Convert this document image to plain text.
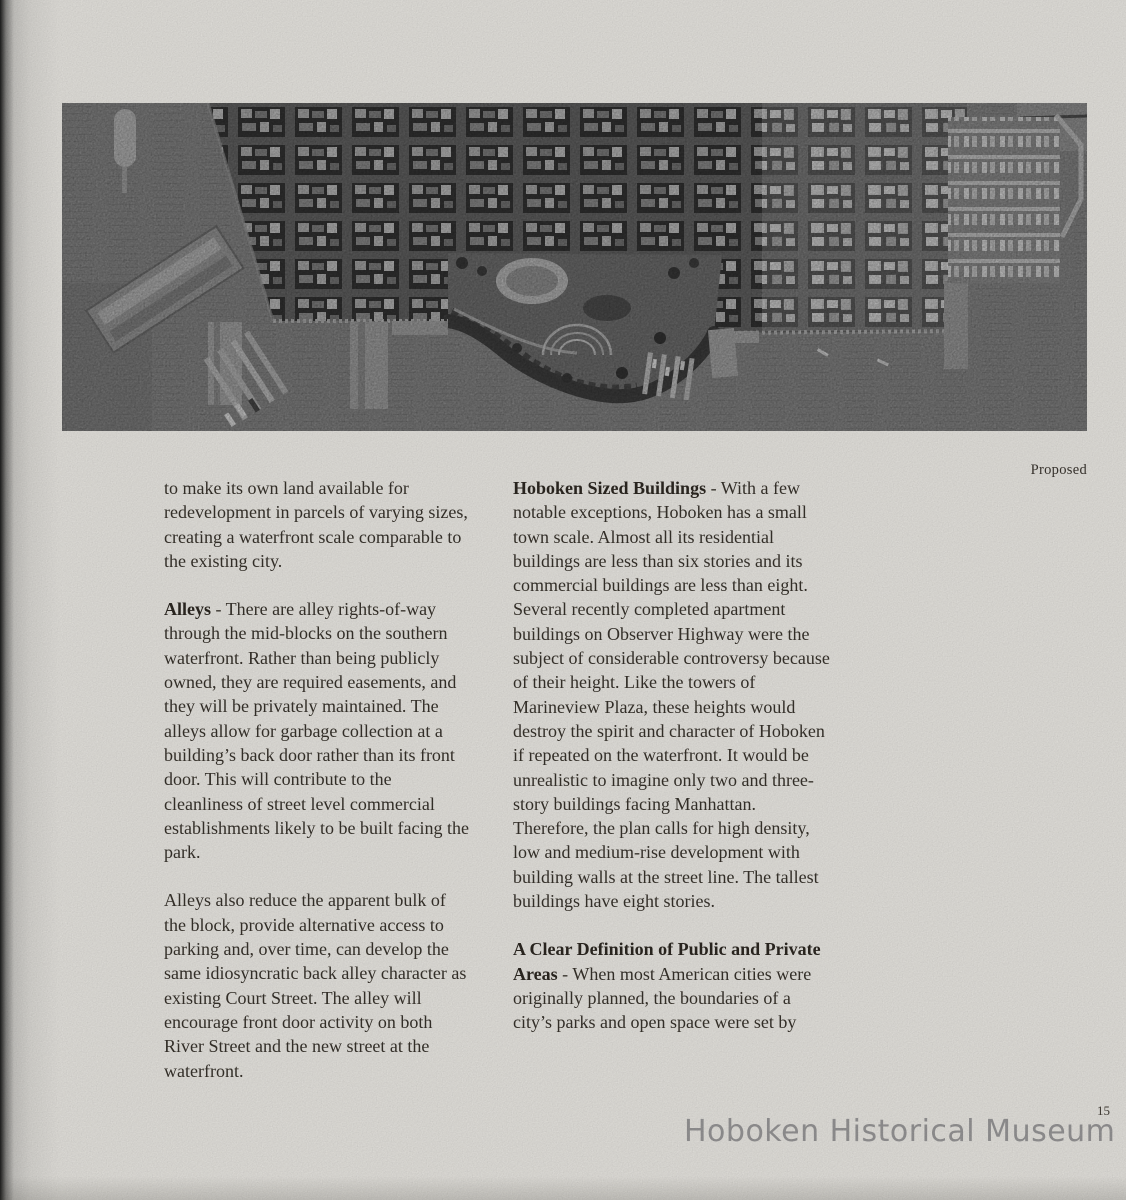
Proposed

to make its own land available for redevelopment in parcels of varying sizes, creating a waterfront scale comparable to the existing city.

Alleys - There are alley rights-of-way through the mid-blocks on the southern waterfront. Rather than being publicly owned, they are required easements, and they will be privately maintained. The alleys allow for garbage collection at a building’s back door rather than its front door. This will contribute to the cleanliness of street level commercial establishments likely to be built facing the park.

Alleys also reduce the apparent bulk of the block, provide alternative access to parking and, over time, can develop the same idiosyncratic back alley character as existing Court Street. The alley will encourage front door activity on both River Street and the new street at the waterfront.

Hoboken Sized Buildings - With a few notable exceptions, Hoboken has a small town scale. Almost all its residential buildings are less than six stories and its commercial buildings are less than eight. Several recently completed apartment buildings on Observer Highway were the subject of considerable controversy because of their height. Like the towers of Marineview Plaza, these heights would destroy the spirit and character of Hoboken if repeated on the waterfront. It would be unrealistic to imagine only two and three-story buildings facing Manhattan. Therefore, the plan calls for high density, low and medium-rise development with building walls at the street line. The tallest buildings have eight stories.

A Clear Definition of Public and Private Areas - When most American cities were originally planned, the boundaries of a city’s parks and open space were set by

15
Hoboken Historical Museum
